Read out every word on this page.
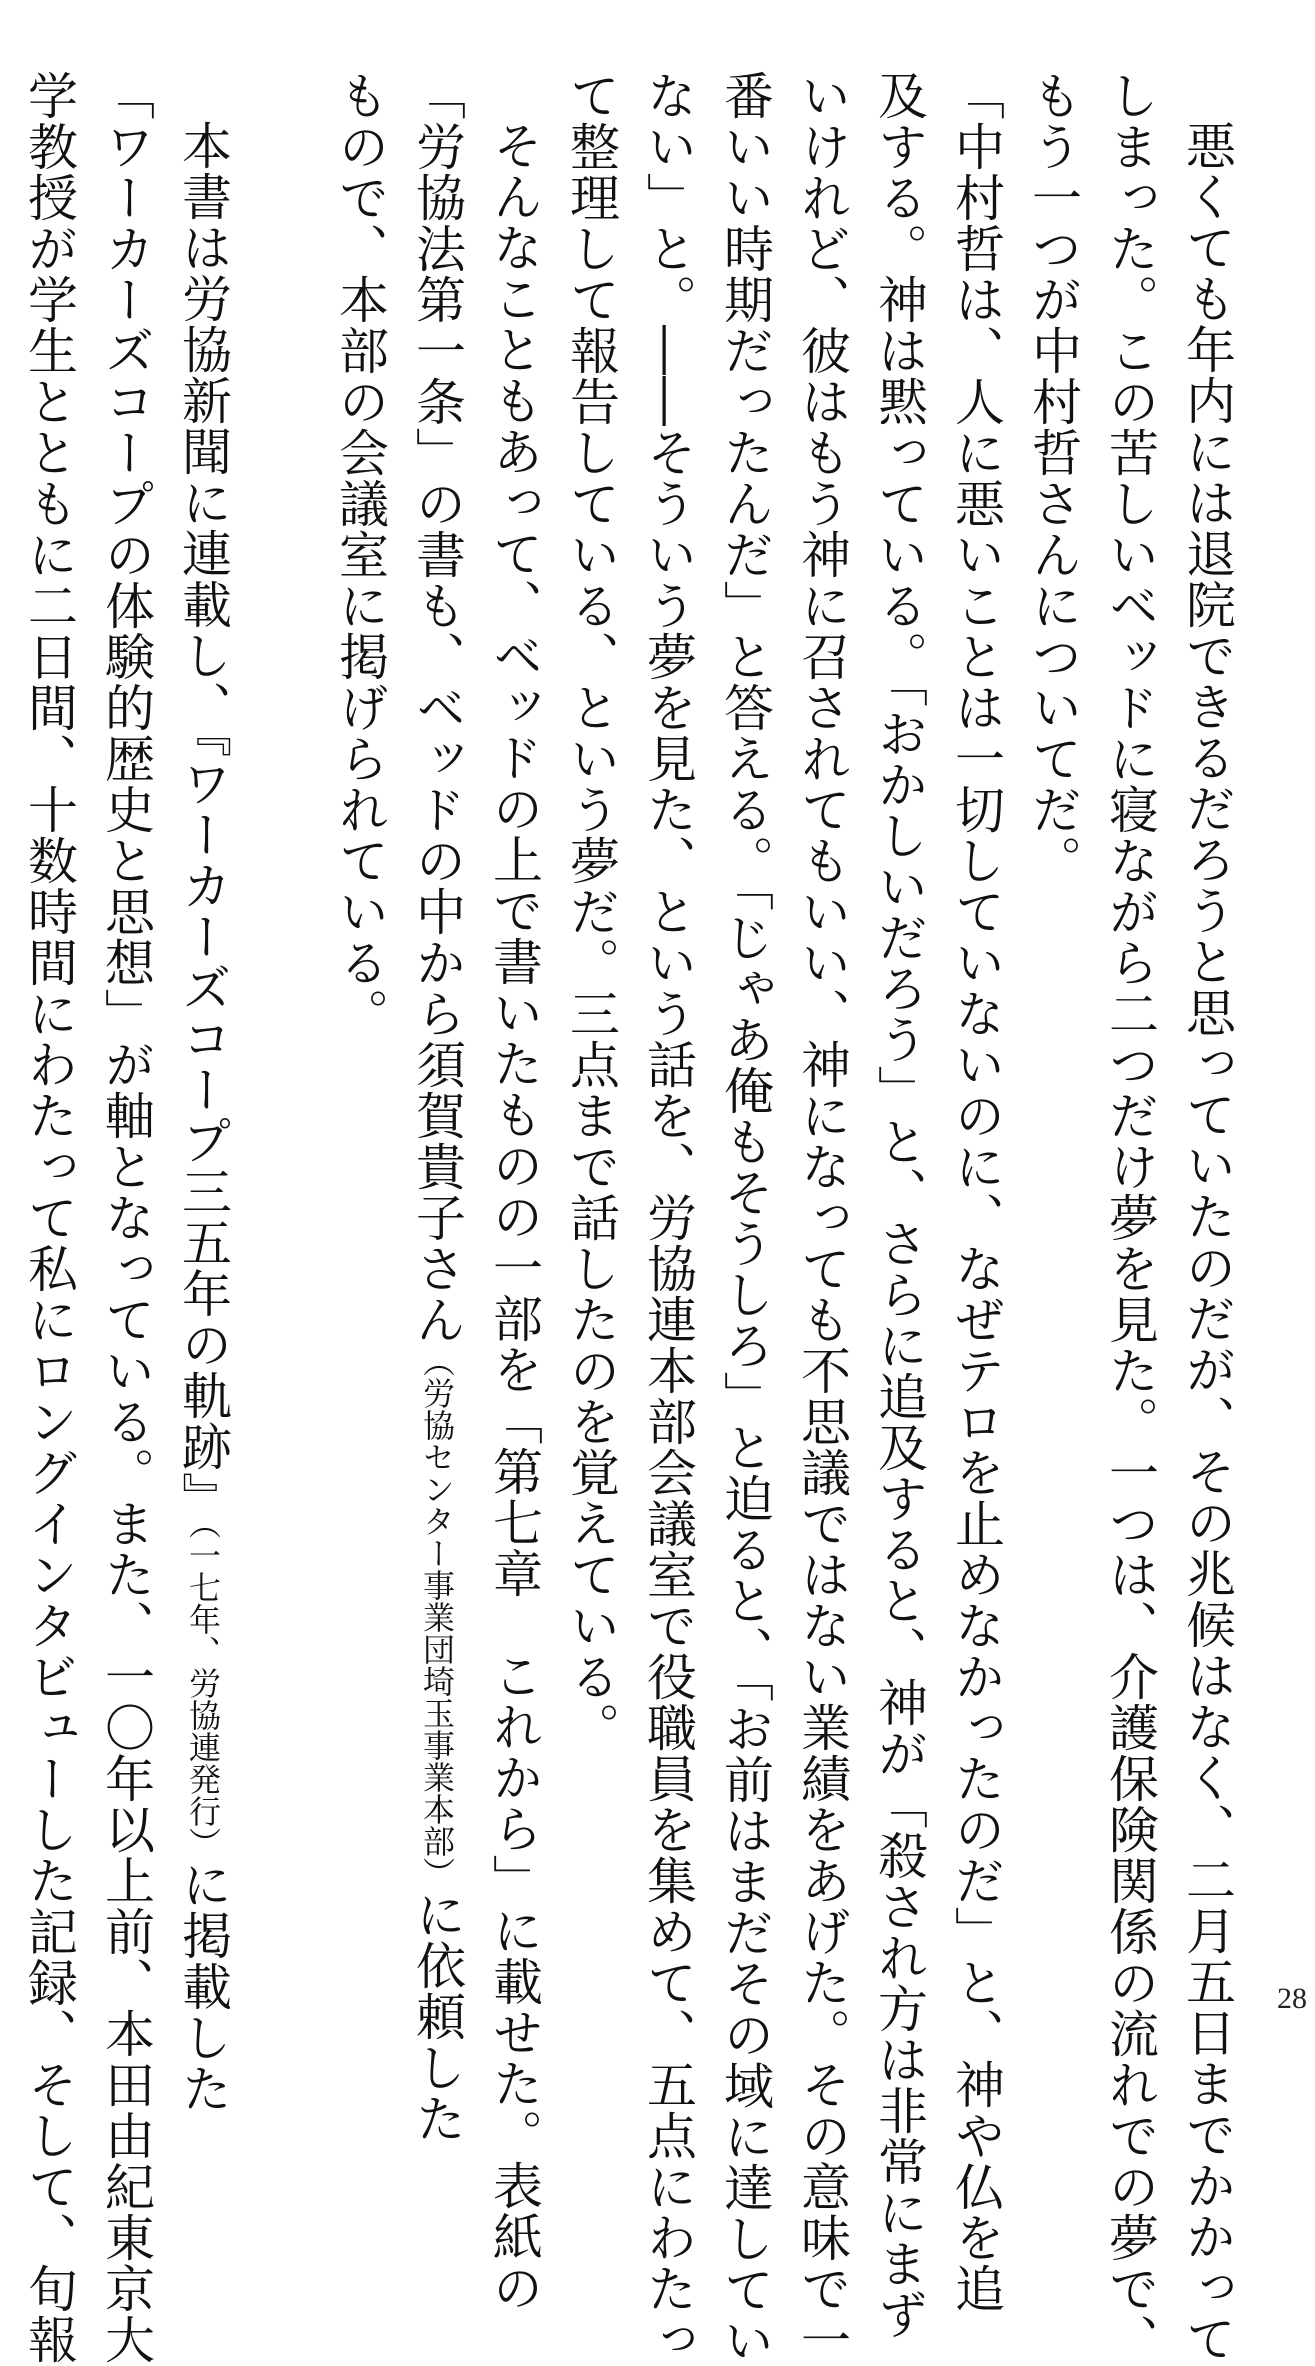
悪くても年内には退院できるだろうと思っていたのだが、その兆候はなく、二月五日までかかって
しまった。この苦しいベッドに寝ながら二つだけ夢を見た。一つは、介護保険関係の流れでの夢で、
もう一つが中村哲さんについてだ。
「中村哲は、人に悪いことは一切していないのに、なぜテロを止めなかったのだ」と、神や仏を追
及する。神は黙っている。「おかしいだろう」と、さらに追及すると、神が「殺され方は非常にまず
いけれど、彼はもう神に召されてもいい、神になっても不思議ではない業績をあげた。その意味で一
番いい時期だったんだ」と答える。「じゃあ俺もそうしろ」と迫ると、「お前はまだその域に達してい
ない」と。――そういう夢を見た、という話を、労協連本部会議室で役職員を集めて、五点にわたっ
て整理して報告している、という夢だ。三点まで話したのを覚えている。
そんなこともあって、ベッドの上で書いたものの一部を「第七章　これから」に載せた。表紙の
「労協法第一条」の書も、ベッドの中から須賀貴子さん（労協センター事業団埼玉事業本部）に依頼した
もので、本部の会議室に掲げられている。
本書は労協新聞に連載し、『ワーカーズコープ三五年の軌跡』（一七年、労協連発行）に掲載した
「ワーカーズコープの体験的歴史と思想」が軸となっている。また、一〇年以上前、本田由紀東京大
学教授が学生とともに二日間、十数時間にわたって私にロングインタビューした記録、そして、旬報	28
